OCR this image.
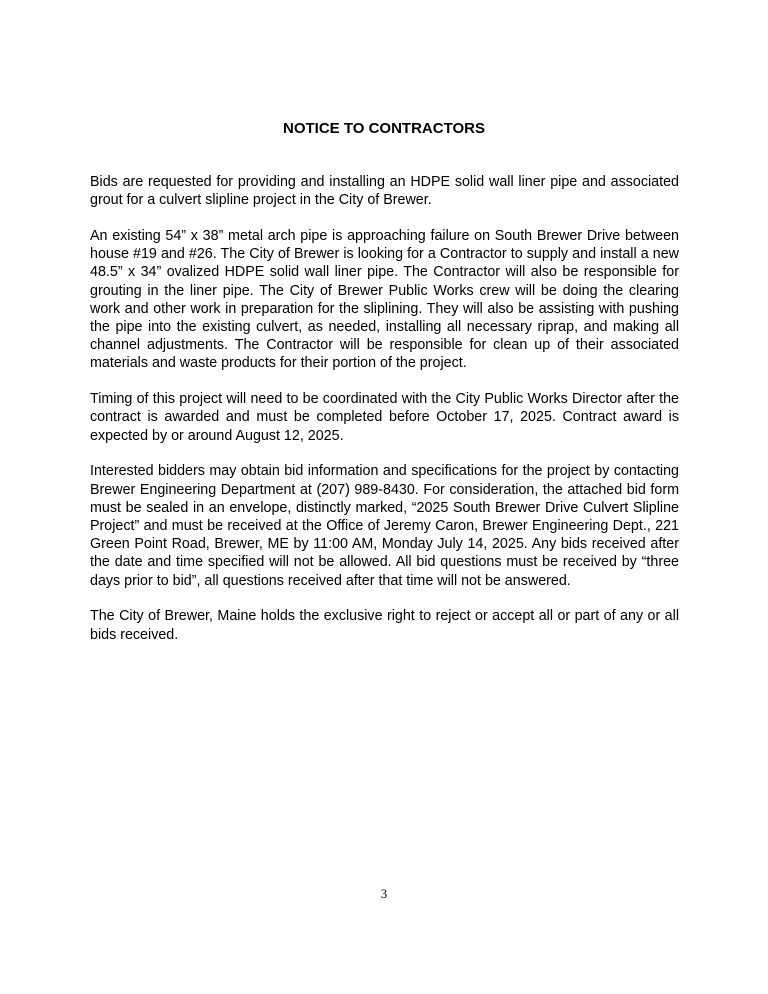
NOTICE TO CONTRACTORS

Bids are requested for providing and installing an HDPE solid wall liner pipe and associated grout for a culvert slipline project in the City of Brewer.

An existing 54” x 38” metal arch pipe is approaching failure on South Brewer Drive between house #19 and #26. The City of Brewer is looking for a Contractor to supply and install a new 48.5” x 34” ovalized HDPE solid wall liner pipe. The Contractor will also be responsible for grouting in the liner pipe. The City of Brewer Public Works crew will be doing the clearing work and other work in preparation for the sliplining. They will also be assisting with pushing the pipe into the existing culvert, as needed, installing all necessary riprap, and making all channel adjustments. The Contractor will be responsible for clean up of their associated materials and waste products for their portion of the project.

Timing of this project will need to be coordinated with the City Public Works Director after the contract is awarded and must be completed before October 17, 2025. Contract award is expected by or around August 12, 2025.

Interested bidders may obtain bid information and specifications for the project by contacting Brewer Engineering Department at (207) 989-8430. For consideration, the attached bid form must be sealed in an envelope, distinctly marked, “2025 South Brewer Drive Culvert Slipline Project” and must be received at the Office of Jeremy Caron, Brewer Engineering Dept., 221 Green Point Road, Brewer, ME by 11:00 AM, Monday July 14, 2025. Any bids received after the date and time specified will not be allowed. All bid questions must be received by “three days prior to bid”, all questions received after that time will not be answered.

The City of Brewer, Maine holds the exclusive right to reject or accept all or part of any or all bids received.

3
